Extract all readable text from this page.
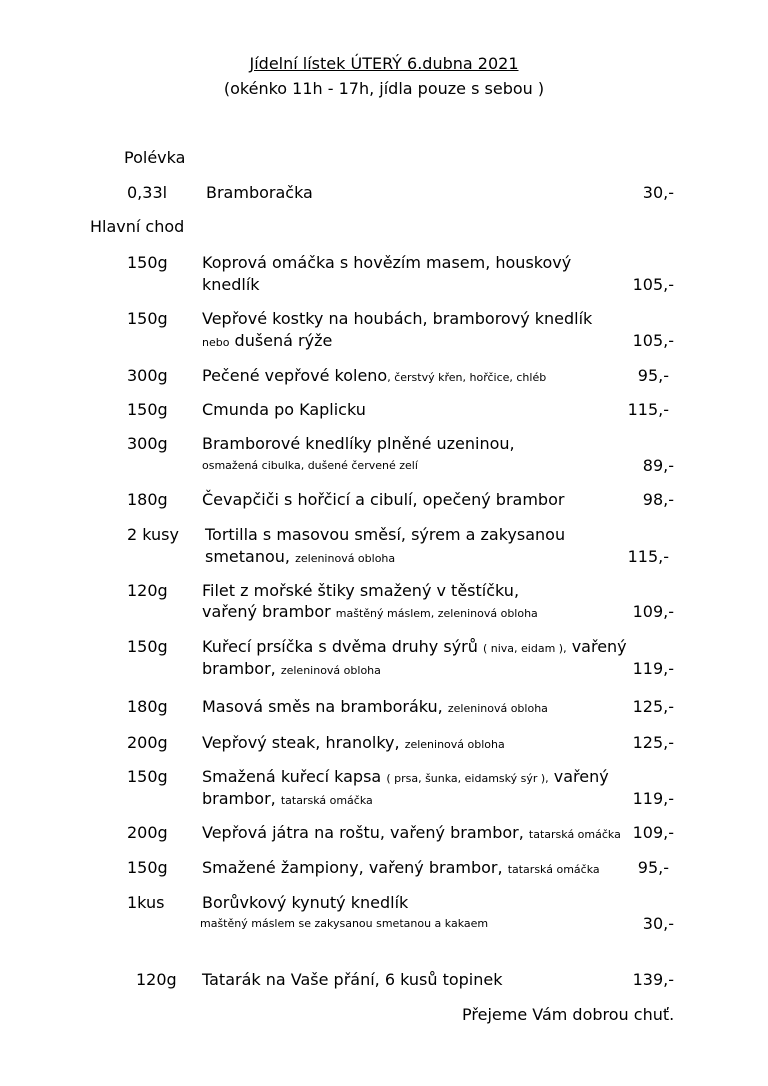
Jídelní lístek ÚTERÝ 6.dubna 2021
(okénko 11h - 17h, jídla pouze s sebou )
Polévka
0,33l Bramboračka	30,-
Hlavní chod
150g Koprová omáčka s hovězím masem, houskový
knedlík	105,-
150g Vepřové kostky na houbách, bramborový knedlík
nebo dušená rýže	105,-
300g Pečené vepřové koleno, čerstvý křen, hořčice, chléb	95,-
150g Cmunda po Kaplicku	115,-
300g Bramborové knedlíky plněné uzeninou,
osmažená cibulka, dušené červené zelí	89,-
180g Čevapčiči s hořčicí a cibulí, opečený brambor	98,-
2 kusy Tortilla s masovou směsí, sýrem a zakysanou
smetanou, zeleninová obloha	115,-
120g Filet z mořské štiky smažený v těstíčku,
vařený brambor maštěný máslem, zeleninová obloha	109,-
150g Kuřecí prsíčka s dvěma druhy sýrů ( niva, eidam ), vařený
brambor, zeleninová obloha	119,-
180g Masová směs na bramboráku, zeleninová obloha	125,-
200g Vepřový steak, hranolky, zeleninová obloha	125,-
150g Smažená kuřecí kapsa ( prsa, šunka, eidamský sýr ), vařený
brambor, tatarská omáčka	119,-
200g Vepřová játra na roštu, vařený brambor, tatarská omáčka 109,-
150g Smažené žampiony, vařený brambor, tatarská omáčka	95,-
1kus Borůvkový kynutý knedlík
maštěný máslem se zakysanou smetanou a kakaem	30,-
120g Tatarák na Vaše přání, 6 kusů topinek	139,-
Přejeme Vám dobrou chuť.
